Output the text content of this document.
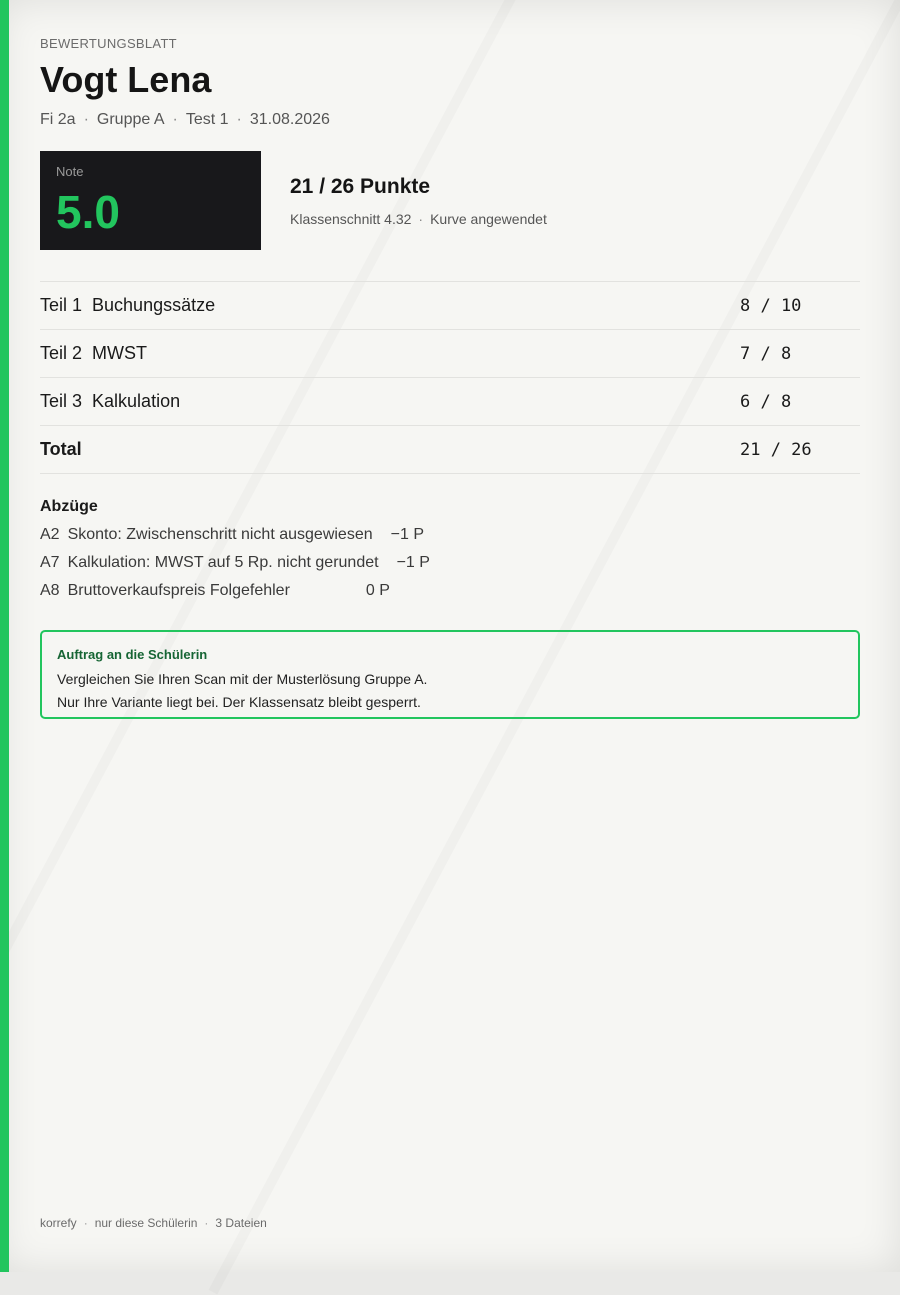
BEWERTUNGSBLATT
Vogt Lena
Fi 2a · Gruppe A · Test 1 · 31.08.2026
Note
5.0	21 / 26 Punkte
Klassenschnitt 4.32 · Kurve angewendet
Teil 1 Buchungssätze	8 / 10
Teil 2 MWST	7 / 8
Teil 3 Kalkulation	6 / 8
Total	21 / 26
Abzüge
A2 Skonto: Zwischenschritt nicht ausgewiesen −1 P
A7 Kalkulation: MWST auf 5 Rp. nicht gerundet −1 P
A8 Bruttoverkaufspreis Folgefehler	0 P
Auftrag an die Schülerin
Vergleichen Sie Ihren Scan mit der Musterlösung Gruppe A.
Nur Ihre Variante liegt bei. Der Klassensatz bleibt gesperrt.
korrefy · nur diese Schülerin · 3 Dateien
